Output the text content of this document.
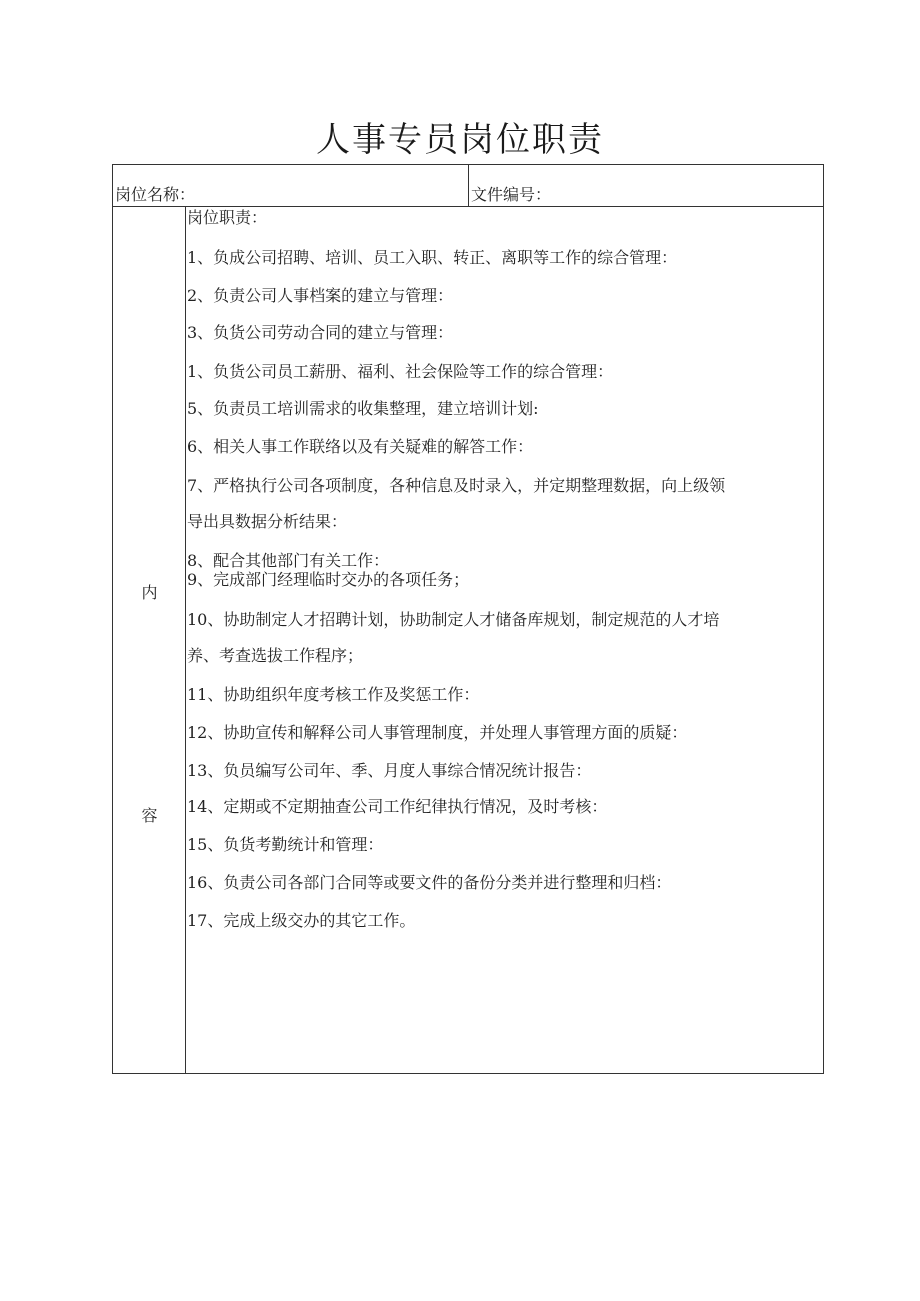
人事专员岗位职责
岗位名称：	文件编号：
内
容
岗位职责：
1、负成公司招聘、培训、员工入职、转正、离职等工作的综合管理：
2、负责公司人事档案的建立与管理：
3、负货公司劳动合同的建立与管理：
1、负货公司员工薪册、福利、社会保险等工作的综合管理：
5、负责员工培训需求的收集整理，建立培训计划:
6、相关人事工作联络以及有关疑难的解答工作：
7、严格执行公司各项制度，各种信息及时录入，并定期整理数据，向上级领
导出具数据分析结果：
8、配合其他部门有关工作：
9、完成部门经理临时交办的各项任务；
10、协助制定人才招聘计划，协助制定人才储备库规划，制定规范的人才培
养、考查选拔工作程序；
11、协助组织年度考核工作及奖惩工作：
12、协助宣传和解释公司人事管理制度，并处理人事管理方面的质疑：
13、负员编写公司年、季、月度人事综合情况统计报告：
14、定期或不定期抽查公司工作纪律执行情况，及时考核：
15、负货考勤统计和管理：
16、负责公司各部门合同等或要文件的备份分类并进行整理和归档：
17、完成上级交办的其它工作。
